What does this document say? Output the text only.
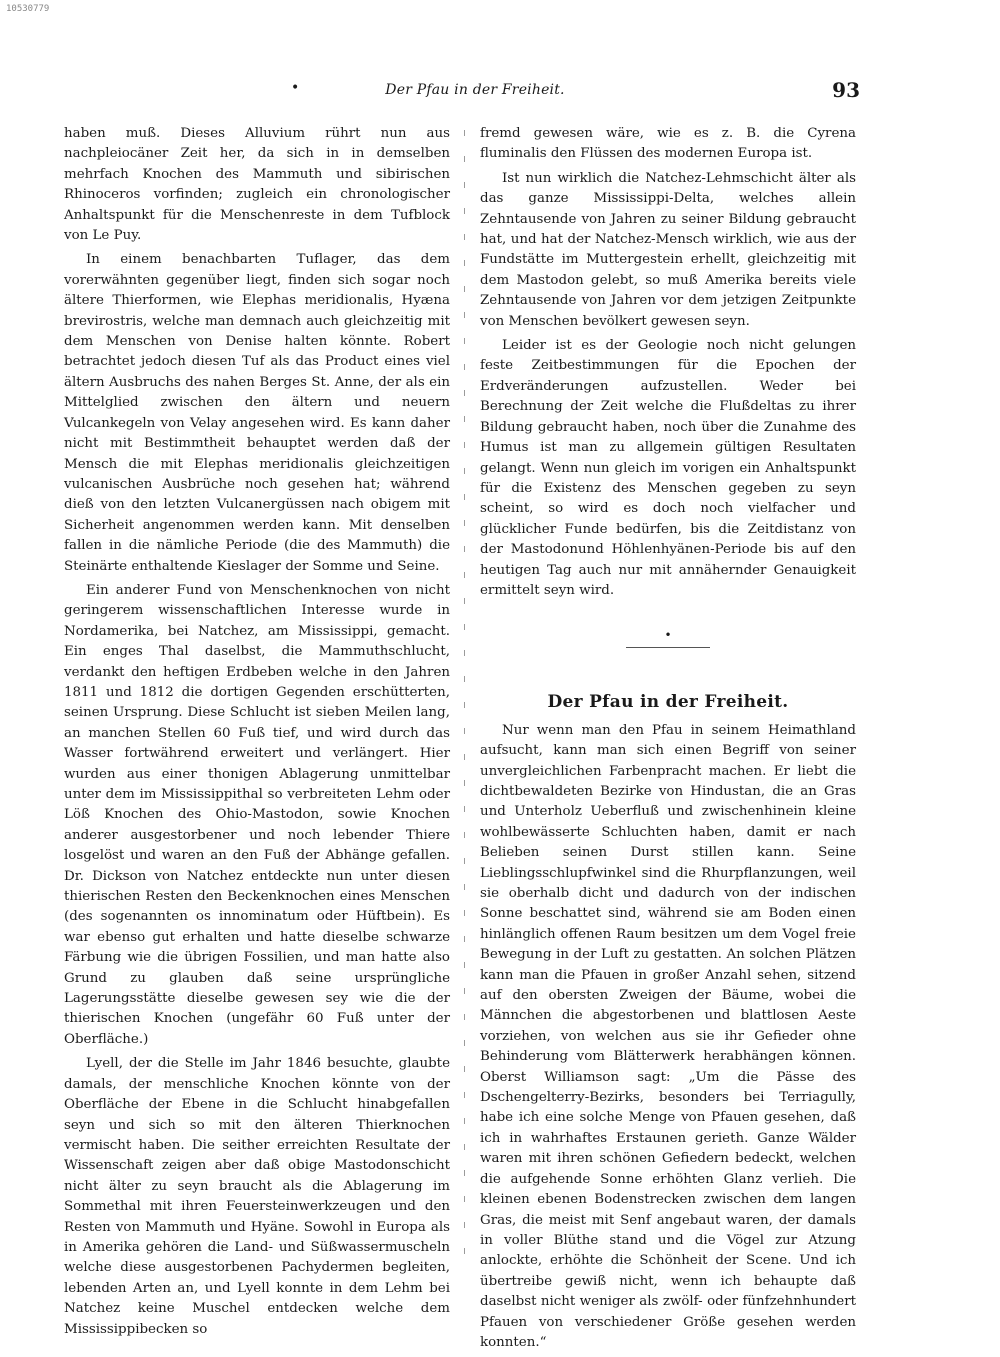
10530779
•	Der Pfau in der Freiheit.	93

haben muß. Dieses Alluvium rührt nun aus nachpleiocäner Zeit her, da sich in in demselben mehrfach Knochen des Mammuth und sibirischen Rhinoceros vorfinden; zugleich ein chronologischer Anhaltspunkt für die Menschenreste in dem Tufblock von Le Puy.

In einem benachbarten Tuflager, das dem vorerwähnten gegenüber liegt, finden sich sogar noch ältere Thierformen, wie Elephas meridionalis, Hyæna brevirostris, welche man demnach auch gleichzeitig mit dem Menschen von Denise halten könnte. Robert betrachtet jedoch diesen Tuf als das Product eines viel ältern Ausbruchs des nahen Berges St. Anne, der als ein Mittelglied zwischen den ältern und neuern Vulcankegeln von Velay angesehen wird. Es kann daher nicht mit Bestimmtheit behauptet werden daß der Mensch die mit Elephas meridionalis gleichzeitigen vulcanischen Ausbrüche noch gesehen hat; während dieß von den letzten Vulcanergüssen nach obigem mit Sicherheit angenommen werden kann. Mit denselben fallen in die nämliche Periode (die des Mammuth) die Steinärte enthaltende Kieslager der Somme und Seine.

Ein anderer Fund von Menschenknochen von nicht geringerem wissenschaftlichen Interesse wurde in Nordamerika, bei Natchez, am Mississippi, gemacht. Ein enges Thal daselbst, die Mammuthschlucht, verdankt den heftigen Erdbeben welche in den Jahren 1811 und 1812 die dortigen Gegenden erschütterten, seinen Ursprung. Diese Schlucht ist sieben Meilen lang, an manchen Stellen 60 Fuß tief, und wird durch das Wasser fortwährend erweitert und verlängert. Hier wurden aus einer thonigen Ablagerung unmittelbar unter dem im Mississippithal so verbreiteten Lehm oder Löß Knochen des Ohio-Mastodon, sowie Knochen anderer ausgestorbener und noch lebender Thiere losgelöst und waren an den Fuß der Abhänge gefallen. Dr. Dickson von Natchez entdeckte nun unter diesen thierischen Resten den Beckenknochen eines Menschen (des sogenannten os innominatum oder Hüftbein). Es war ebenso gut erhalten und hatte dieselbe schwarze Färbung wie die übrigen Fossilien, und man hatte also Grund zu glauben daß seine ursprüngliche Lagerungsstätte dieselbe gewesen sey wie die der thierischen Knochen (ungefähr 60 Fuß unter der Oberfläche.)

Lyell, der die Stelle im Jahr 1846 besuchte, glaubte damals, der menschliche Knochen könnte von der Oberfläche der Ebene in die Schlucht hinabgefallen seyn und sich so mit den älteren Thierknochen vermischt haben. Die seither erreichten Resultate der Wissenschaft zeigen aber daß obige Mastodonschicht nicht älter zu seyn braucht als die Ablagerung im Sommethal mit ihren Feuersteinwerkzeugen und den Resten von Mammuth und Hyäne. Sowohl in Europa als in Amerika gehören die Land- und Süßwassermuscheln welche diese ausgestorbenen Pachydermen begleiten, lebenden Arten an, und Lyell konnte in dem Lehm bei Natchez keine Muschel entdecken welche dem Mississippibecken so

fremd gewesen wäre, wie es z. B. die Cyrena fluminalis den Flüssen des modernen Europa ist.

Ist nun wirklich die Natchez-Lehmschicht älter als das ganze Mississippi-Delta, welches allein Zehntausende von Jahren zu seiner Bildung gebraucht hat, und hat der Natchez-Mensch wirklich, wie aus der Fundstätte im Muttergestein erhellt, gleichzeitig mit dem Mastodon gelebt, so muß Amerika bereits viele Zehntausende von Jahren vor dem jetzigen Zeitpunkte von Menschen bevölkert gewesen seyn.

Leider ist es der Geologie noch nicht gelungen feste Zeitbestimmungen für die Epochen der Erdveränderungen aufzustellen. Weder bei Berechnung der Zeit welche die Flußdeltas zu ihrer Bildung gebraucht haben, noch über die Zunahme des Humus ist man zu allgemein gültigen Resultaten gelangt. Wenn nun gleich im vorigen ein Anhaltspunkt für die Existenz des Menschen gegeben zu seyn scheint, so wird es doch noch vielfacher und glücklicher Funde bedürfen, bis die Zeitdistanz von der Mastodonund Höhlenhyänen-Periode bis auf den heutigen Tag auch nur mit annähernder Genauigkeit ermittelt seyn wird.

•
Der Pfau in der Freiheit.

Nur wenn man den Pfau in seinem Heimathland aufsucht, kann man sich einen Begriff von seiner unvergleichlichen Farbenpracht machen. Er liebt die dichtbewaldeten Bezirke von Hindustan, die an Gras und Unterholz Ueberfluß und zwischenhinein kleine wohlbewässerte Schluchten haben, damit er nach Belieben seinen Durst stillen kann. Seine Lieblingsschlupfwinkel sind die Rhurpflanzungen, weil sie oberhalb dicht und dadurch von der indischen Sonne beschattet sind, während sie am Boden einen hinlänglich offenen Raum besitzen um dem Vogel freie Bewegung in der Luft zu gestatten. An solchen Plätzen kann man die Pfauen in großer Anzahl sehen, sitzend auf den obersten Zweigen der Bäume, wobei die Männchen die abgestorbenen und blattlosen Aeste vorziehen, von welchen aus sie ihr Gefieder ohne Behinderung vom Blätterwerk herabhängen können. Oberst Williamson sagt: „Um die Pässe des Dschengelterry-Bezirks, besonders bei Terriagully, habe ich eine solche Menge von Pfauen gesehen, daß ich in wahrhaftes Erstaunen gerieth. Ganze Wälder waren mit ihren schönen Gefiedern bedeckt, welchen die aufgehende Sonne erhöhten Glanz verlieh. Die kleinen ebenen Bodenstrecken zwischen dem langen Gras, die meist mit Senf angebaut waren, der damals in voller Blüthe stand und die Vögel zur Atzung anlockte, erhöhte die Schönheit der Scene. Und ich übertreibe gewiß nicht, wenn ich behaupte daß daselbst nicht weniger als zwölf- oder fünfzehnhundert Pfauen von verschiedener Größe gesehen werden konnten.“
